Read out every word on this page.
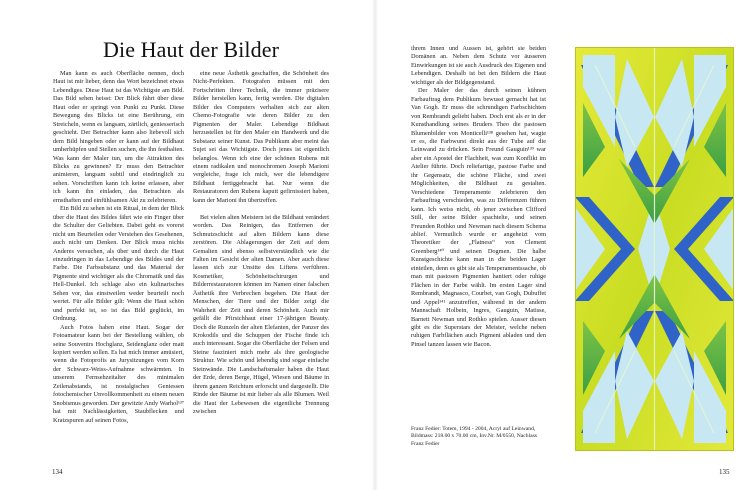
Die Haut der Bilder

Man kann es auch Oberfläche nennen, doch Haut ist mir lieber, denn das Wort bezeichnet etwas Lebendiges. Diese Haut ist das Wichtigste am Bild. Das Bild sehen heisst: Der Blick fährt über diese Haut oder er springt von Punkt zu Punkt. Diese Bewegung des Blicks ist eine Berührung, ein Streicheln, wenn es langsam, zärtlich, geniesserisch geschieht. Der Betrachter kann also liebevoll sich dem Bild hingeben oder er kann auf der Bildhaut umherhüpfen und Stellen suchen, die ihn festhalten. Was kann der Maler tun, um die Attraktion des Blicks zu gewinnen? Er muss den Betrachter animieren, langsam subtil und eindringlich zu sehen. Vorschriften kann ich keine erlassen, aber ich kann ihn einladen, das Betrachten als ernsthaften und einfühlsamen Akt zu zelebrieren.

Ein Bild zu sehen ist ein Ritual, in dem der Blick über die Haut des Bildes fährt wie ein Finger über die Schulter der Geliebten. Dabei geht es vorerst nicht um Beurteilen oder Verstehen des Gesehenen, auch nicht um Denken. Der Blick muss nichts Anderes versuchen, als über und durch die Haut einzudringen in das Lebendige des Bildes und der Farbe. Die Farbsubstanz und das Material der Pigmente sind wichtiger als die Chromatik und das Hell-Dunkel. Ich schlage also ein kulinarisches Sehen vor, das einstweilen weder beurteilt noch wertet. Für alle Bilder gilt: Wenn die Haut schön und perfekt ist, so ist das Bild geglückt, im Ordnung.

Auch Fotos haben eine Haut. Sogar der Fotoamateur kann bei der Bestellung wählen, ob seine Souvenirs Hochglanz, Seidenglanz oder matt kopiert werden sollen. Es hat mich immer amüsiert, wenn die Fotoprofis an Jurysitzungen vom Korn der Schwarz-Weiss-Aufnahme schwärmten. In unserem Fernsehzeitalter des minimalen Zeilenabstands, ist nostalgisches Geniessen fotochemischer Unvollkommenheit zu einem neuen Snobismus geworden. Der gewitzte Andy Warhol¹³⁷ hat mit Nachlässigkeiten, Staubflecken und Kratzspuren auf seinen Fotos,

eine neue Ästhetik geschaffen, die Schönheit des Nicht-Perfekten. Fotografen müssen mit den Fortschritten ihrer Technik, die immer präzisere Bilder herstellen kann, fertig werden. Die digitalen Bilder des Computers verhalten sich zur alten Chemo-Fotografie wie deren Bilder zu den Pigmenten der Maler. Lebendige Bildhaut herzustellen ist für den Maler ein Handwerk und die Substanz seiner Kunst. Das Publikum aber meint das Sujet sei das Wichtigste. Doch jenes ist eigentlich belanglos. Wenn ich eine der schönen Rubens mit einem radikalen und monochromen Joseph Marioni vergleiche, frage ich mich, wer die lebendigere Bildhaut fertiggebracht hat. Nur wenn die Restauratoren den Rubens kaputt gefirnissiert haben, kann der Marioni ihn übertreffen.

Bei vielen alten Meistern ist die Bildhaut verändert worden. Das Reinigen, das Entfernen der Schmutzschicht auf alten Bildern kann diese zerstören. Die Ablagerungen der Zeit auf dem Gemalten sind ebenso selbstverständlich wie die Falten im Gesicht der alten Damen. Aber auch diese lassen sich zur Unsitte des Liftens verführen. Kosmetiker, Schönheitschirurgen und Bilderrestauratoren können im Namen einer falschen Ästhetik ihre Verbrechen begehen. Die Haut der Menschen, der Tiere und der Bilder zeigt die Wahrheit der Zeit und deren Schönheit. Auch mir gefällt die Pfirsichhaut einer 17-jährigen Beauty. Doch die Runzeln der alten Elefanten, der Panzer des Krokodils und die Schuppen der Fische finde ich auch interessant. Sogar die Oberfläche der Felsen und Steine fasziniert mich mehr als ihre geologische Struktur. Wie schön und lebendig sind sogar einfache Steinwände. Die Landschaftsmaler haben die Haut der Erde, deren Berge, Hügel, Wiesen und Bäume in ihrem ganzen Reichtum erforscht und dargestellt. Die Rinde der Bäume ist mir lieber als alle Blumen. Weil die Haut der Lebewesen die eigentliche Trennung zwischen

134

ihrem Innen und Aussen ist, gehört sie beiden Domänen an. Neben dem Schutz vor äusseren Einwirkungen ist sie auch Ausdruck des Eigenen und Lebendigen. Deshalb ist bei den Bildern die Haut wichtiger als der Bildgegenstand.

Der Maler der das durch seinen kühnen Farbauftrag dem Publikum bewusst gemacht hat ist Van Gogh. Er muss die schrundigen Farbschichten von Rembrandt geliebt haben. Doch erst als er in der Kunsthandlung seines Bruders Theo die pastosen Blumenbilder von Monticelli¹³⁸ gesehen hat, wagte er es, die Farbwurst direkt aus der Tube auf die Leinwand zu drücken. Sein Freund Gauguin¹³⁹ war aber ein Apostel der Flachheit, was zum Konflikt im Atelier führte. Doch reliefartige, pastose Farbe und ihr Gegensatz, die schöne Fläche, sind zwei Möglichkeiten, die Bildhaut zu gestalten. Verschiedene Temperamente zelebrieren den Farbauftrag verschieden, was zu Differenzen führen kann. Ich weiss nicht, ob jener zwischen Clifford Still, der seine Bilder spachtelte, und seinen Freunden Rothko und Newman nach diesem Schema ablief. Vermutlich wurde er angeheizt vom Theoretiker der „Flatness“ von Clement Greenberg¹⁴⁰ und seinen Dogmen. Die halbe Kunstgeschichte kann man in die beiden Lager einteilen, denn es gibt sie als Temperamentssache, ob man mit pastosen Pigmenten hantiert oder ruhige Flächen in der Farbe wählt. Im ersten Lager sind Rembrandt, Magnasco, Courbet, van Gogh, Dubuffet und Appel¹⁴¹ anzutreffen, während in der andern Mannschaft Holbein, Ingres, Gauguin, Matisse, Barnett Newman und Rothko spielen. Ausser diesen gibt es die Superstars der Meister, welche neben ruhigen Farbflächen auch Pigment abladen und den Pinsel tanzen lassen wie Bacon.

Franz Fedier: Totem, 1994 - 2004, Acryl auf Leinwand, Bildmass: 218.00 x 70.00 cm, Inv.Nr. M/0550, Nachlass Franz Fedier
135
